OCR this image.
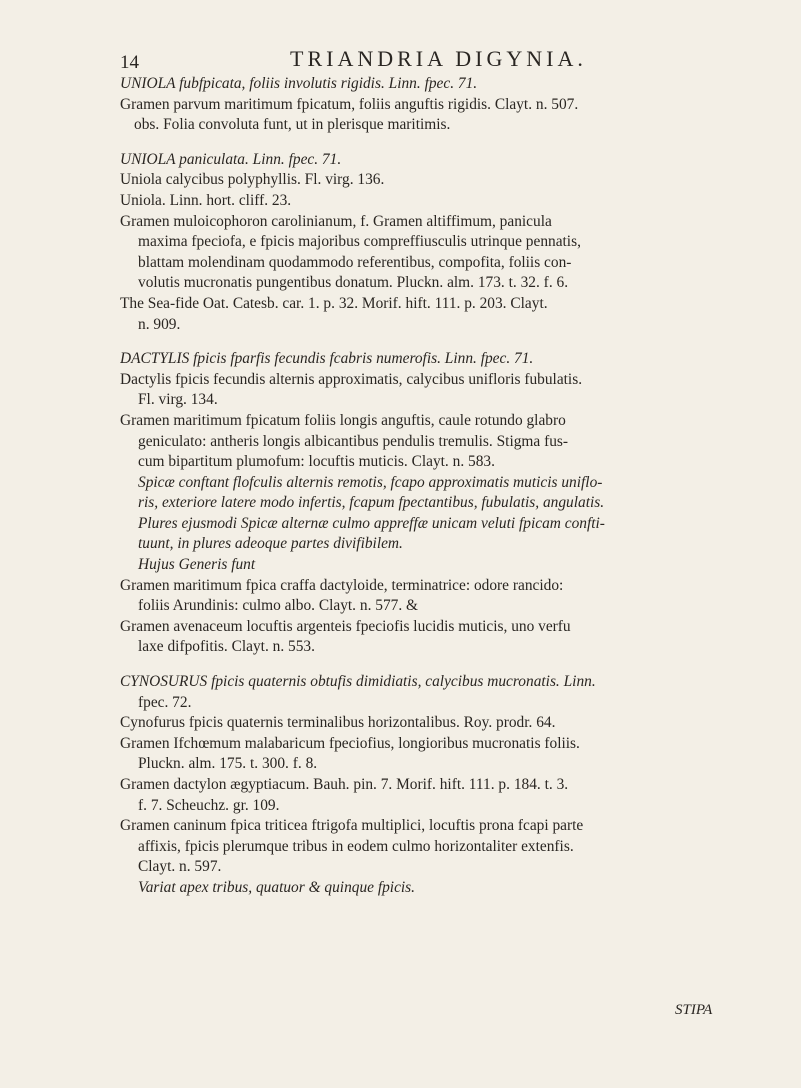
14	TRIANDRIA DIGYNIA.
UNIOLA fubfpicata, foliis involutis rigidis. Linn. fpec. 71.
Gramen parvum maritimum fpicatum, foliis anguftis rigidis. Clayt. n. 507.
obs. Folia convoluta funt, ut in plerisque maritimis.
UNIOLA paniculata. Linn. fpec. 71.
Uniola calycibus polyphyllis. Fl. virg. 136.
Uniola. Linn. hort. cliff. 23.
Gramen muloicophoron carolinianum, f. Gramen altiffimum, panicula
maxima fpeciofa, e fpicis majoribus compreffiusculis utrinque pennatis,
blattam molendinam quodammodo referentibus, compofita, foliis con-
volutis mucronatis pungentibus donatum. Pluckn. alm. 173. t. 32. f. 6.
The Sea-fide Oat. Catesb. car. 1. p. 32. Morif. hift. 111. p. 203. Clayt.
n. 909.
DACTYLIS fpicis fparfis fecundis fcabris numerofis. Linn. fpec. 71.
Dactylis fpicis fecundis alternis approximatis, calycibus unifloris fubulatis.
Fl. virg. 134.
Gramen maritimum fpicatum foliis longis anguftis, caule rotundo glabro
geniculato: antheris longis albicantibus pendulis tremulis. Stigma fus-
cum bipartitum plumofum: locuftis muticis. Clayt. n. 583.
Spicæ conftant flofculis alternis remotis, fcapo approximatis muticis uniflo-
ris, exteriore latere modo infertis, fcapum fpectantibus, fubulatis, angulatis.
Plures ejusmodi Spicæ alternæ culmo appreffæ unicam veluti fpicam confti-
tuunt, in plures adeoque partes divifibilem.
Hujus Generis funt
Gramen maritimum fpica craffa dactyloide, terminatrice: odore rancido:
foliis Arundinis: culmo albo. Clayt. n. 577. &
Gramen avenaceum locuftis argenteis fpeciofis lucidis muticis, uno verfu
laxe difpofitis. Clayt. n. 553.
CYNOSURUS fpicis quaternis obtufis dimidiatis, calycibus mucronatis. Linn.
fpec. 72.
Cynofurus fpicis quaternis terminalibus horizontalibus. Roy. prodr. 64.
Gramen Ifchœmum malabaricum fpeciofius, longioribus mucronatis foliis.
Pluckn. alm. 175. t. 300. f. 8.
Gramen dactylon ægyptiacum. Bauh. pin. 7. Morif. hift. 111. p. 184. t. 3.
f. 7. Scheuchz. gr. 109.
Gramen caninum fpica triticea ftrigofa multiplici, locuftis prona fcapi parte
affixis, fpicis plerumque tribus in eodem culmo horizontaliter extenfis.
Clayt. n. 597.
Variat apex tribus, quatuor & quinque fpicis.
STIPA
